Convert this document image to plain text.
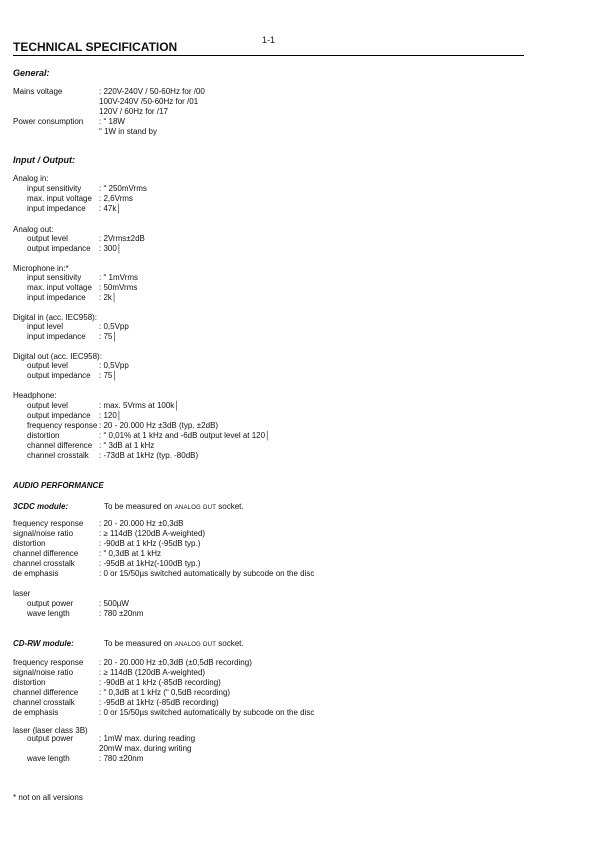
1-1
TECHNICAL SPECIFICATION
General:
Mains voltage	: 220V-240V / 50-60Hz for /00
100V-240V /50-60Hz for /01
120V / 60Hz for /17
Power consumption : ʺ 18W
ʺ 1W in stand by
Input / Output:
Analog in:
input sensitivity : ʺ 250mVrms
max. input voltage : 2,6Vrms
input impedance : 47k│
Analog out:
output level	: 2Vrms±2dB
output impedance : 300│
Microphone in:*
input sensitivity : ʺ 1mVrms
max. input voltage : 50mVrms
input impedance : 2k│
Digital in (acc. IEC958):
input level	: 0,5Vpp
input impedance : 75│
Digital out (acc. IEC958):
output level	: 0,5Vpp
output impedance : 75│
Headphone:
output level	: max. 5Vrms at 100k│
output impedance : 120│
frequency response : 20 - 20.000 Hz ±3dB (typ. ±2dB)
distortion	: ʺ 0,01% at 1 kHz and -6dB output level at 120│
channel difference : ʺ 3dB at 1 kHz
channel crosstalk : -73dB at 1kHz (typ. -80dB)
AUDIO PERFORMANCE
3CDC module:	To be measured on ANALOG OUT socket.
frequency response : 20 - 20.000 Hz ±0,3dB
signal/noise ratio	: ≥ 114dB (120dB A-weighted)
distortion	: -90dB at 1 kHz (-95dB typ.)
channel difference	: ʺ 0,3dB at 1 kHz
channel crosstalk	: -95dB at 1kHz(-100dB typ.)
de emphasis	: 0 or 15/50µs switched automatically by subcode on the disc
laser
output power	: 500µW
wave length	: 780 ±20nm
CD-RW module:	To be measured on ANALOG OUT socket.
frequency response : 20 - 20.000 Hz ±0,3dB (±0,5dB recording)
signal/noise ratio	: ≥ 114dB (120dB A-weighted)
distortion	: -90dB at 1 kHz (-85dB recording)
channel difference	: ʺ 0,3dB at 1 kHz (ʺ 0,5dB recording)
channel crosstalk	: -95dB at 1kHz (-85dB recording)
de emphasis	: 0 or 15/50µs switched automatically by subcode on the disc
laser (laser class 3B)
output power	: 1mW max. during reading
20mW max. during writing
wave length	: 780 ±20nm
* not on all versions
